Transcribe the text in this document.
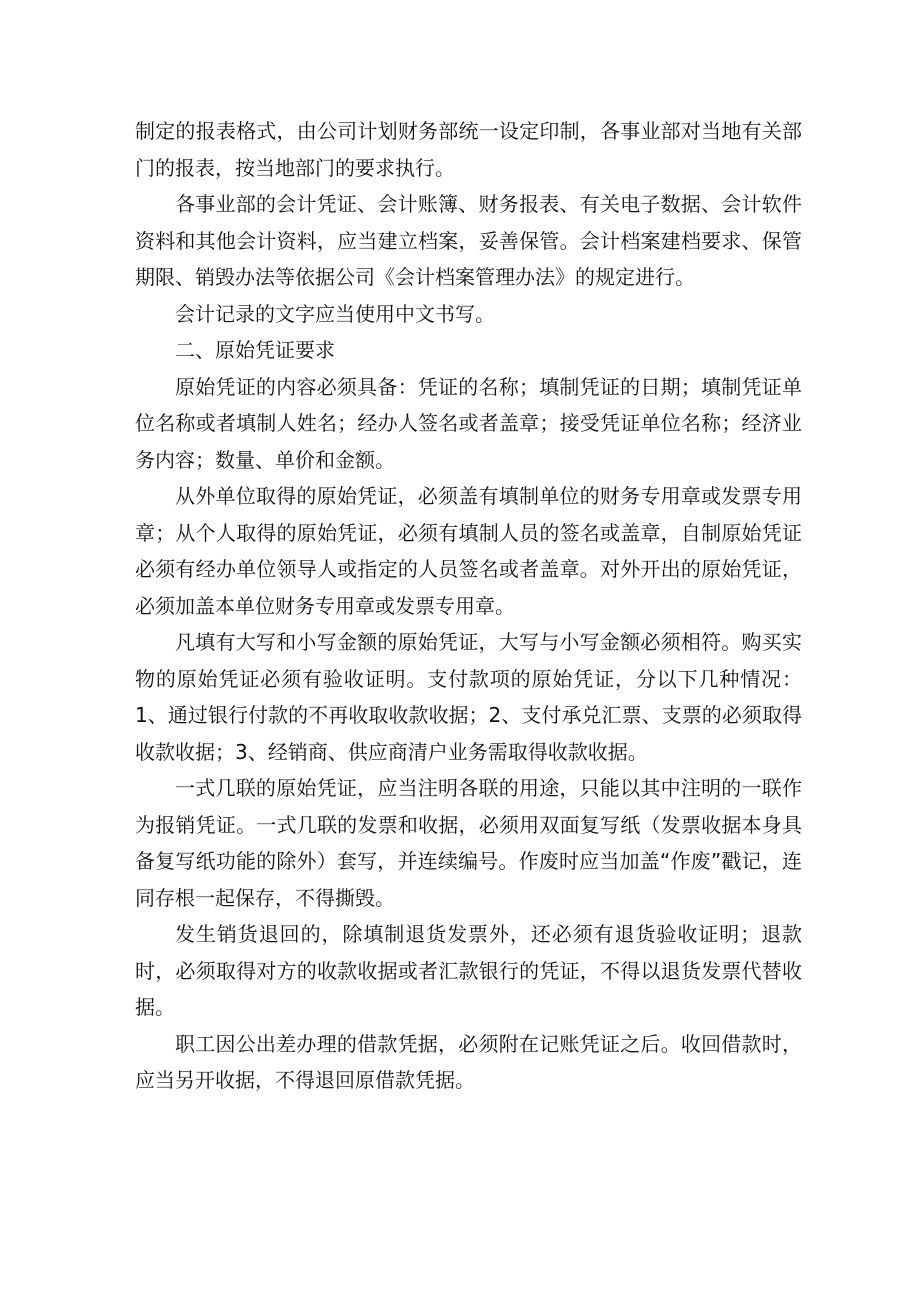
制定的报表格式，由公司计划财务部统一设定印制，各事业部对当地有关部门的报表，按当地部门的要求执行。

各事业部的会计凭证、会计账簿、财务报表、有关电子数据、会计软件资料和其他会计资料，应当建立档案，妥善保管。会计档案建档要求、保管期限、销毁办法等依据公司《会计档案管理办法》的规定进行。

会计记录的文字应当使用中文书写。

二、原始凭证要求

原始凭证的内容必须具备：凭证的名称；填制凭证的日期；填制凭证单位名称或者填制人姓名；经办人签名或者盖章；接受凭证单位名称；经济业务内容；数量、单价和金额。

从外单位取得的原始凭证，必须盖有填制单位的财务专用章或发票专用章；从个人取得的原始凭证，必须有填制人员的签名或盖章，自制原始凭证必须有经办单位领导人或指定的人员签名或者盖章。对外开出的原始凭证，必须加盖本单位财务专用章或发票专用章。

凡填有大写和小写金额的原始凭证，大写与小写金额必须相符。购买实物的原始凭证必须有验收证明。支付款项的原始凭证，分以下几种情况：1、通过银行付款的不再收取收款收据；2、支付承兑汇票、支票的必须取得收款收据；3、经销商、供应商清户业务需取得收款收据。

一式几联的原始凭证，应当注明各联的用途，只能以其中注明的一联作为报销凭证。一式几联的发票和收据，必须用双面复写纸（发票收据本身具备复写纸功能的除外）套写，并连续编号。作废时应当加盖“作废”戳记，连同存根一起保存，不得撕毁。

发生销货退回的，除填制退货发票外，还必须有退货验收证明；退款时，必须取得对方的收款收据或者汇款银行的凭证，不得以退货发票代替收据。

职工因公出差办理的借款凭据，必须附在记账凭证之后。收回借款时，应当另开收据，不得退回原借款凭据。
